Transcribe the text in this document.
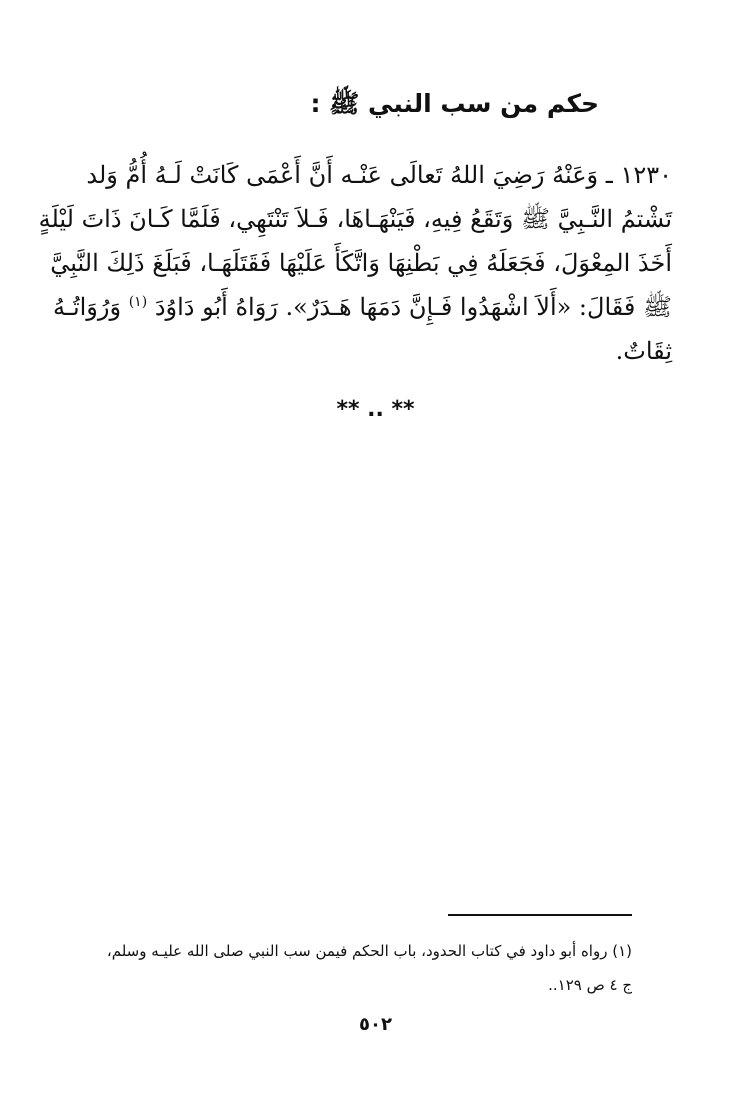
حكم من سب النبي ﷺ :

١٢٣٠ ـ وَعَنْهُ رَضِيَ اللهُ تَعالَى عَنْـه أَنَّ أَعْمَى كَانَتْ لَـهُ أُمُّ وَلد
تَشْتمُ النَّـبِيَّ ﷺ وَتَقَعُ فِيهِ، فَيَنْهَـاهَا، فَـلاَ تَنْتَهِي، فَلَمَّا كَـانَ ذَاتَ لَيْلَةٍ
أَخَذَ المِعْوَلَ، فَجَعَلَهُ فِي بَطْنِهَا وَاتَّكَأَ عَلَيْهَا فَقَتَلَهَـا، فَبَلَغَ ذَلِكَ النَّبِيَّ
ﷺ فَقَالَ: «أَلاَ اشْهَدُوا فَـإِنَّ دَمَهَا هَـدَرٌ». رَوَاهُ أَبُو دَاوُدَ $^{(١)}$ وَرُوَاتُـهُ
ثِقَاتٌ.

** .. **

(١) رواه أبو داود في كتاب الحدود، باب الحكم فيمن سب النبي صلى الله عليـه وسلم،

ج ٤ ص ١٢٩..

٥٠٢
